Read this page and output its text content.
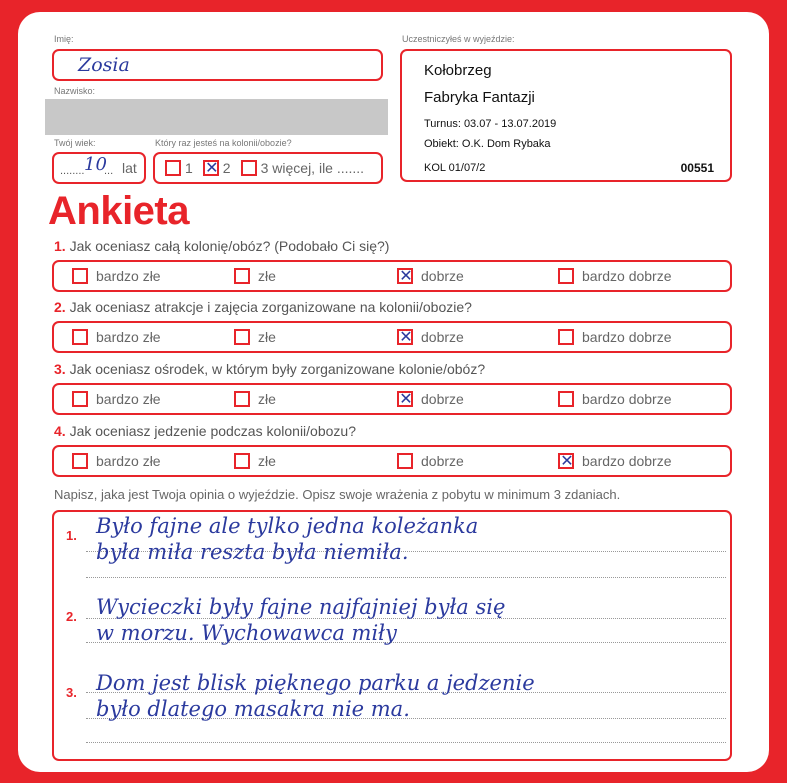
Imię:
Zosia
Nazwisko:
Twój wiek:
........ 10
... lat
Który raz jesteś na kolonii/obozie?
1 ✕ 2 3 więcej, ile .......
Uczestniczyłeś w wyjeździe:
Kołobrzeg
Fabryka Fantazji
Turnus: 03.07 - 13.07.2019
Obiekt: O.K. Dom Rybaka
KOL 01/07/2	00551
Ankieta
1. Jak oceniasz całą kolonię/obóz? (Podobało Ci się?)
bardzo złe	złe	✕ dobrze	bardzo dobrze
2. Jak oceniasz atrakcje i zajęcia zorganizowane na kolonii/obozie?
bardzo złe	złe	✕ dobrze	bardzo dobrze
3. Jak oceniasz ośrodek, w którym były zorganizowane kolonie/obóz?
bardzo złe	złe	✕ dobrze	bardzo dobrze
4. Jak oceniasz jedzenie podczas kolonii/obozu?
bardzo złe	złe	dobrze	✕ bardzo dobrze
Napisz, jaka jest Twoja opinia o wyjeździe. Opisz swoje wrażenia z pobytu w minimum 3 zdaniach.
1. Było fajne ale tylko jedna koleżanka
była miła reszta była niemiła.
2. Wycieczki były fajne najfajniej była się
w morzu. Wychowawca miły
3. Dom jest blisk pięknego parku a jedzenie
było dlatego masakra nie ma.
